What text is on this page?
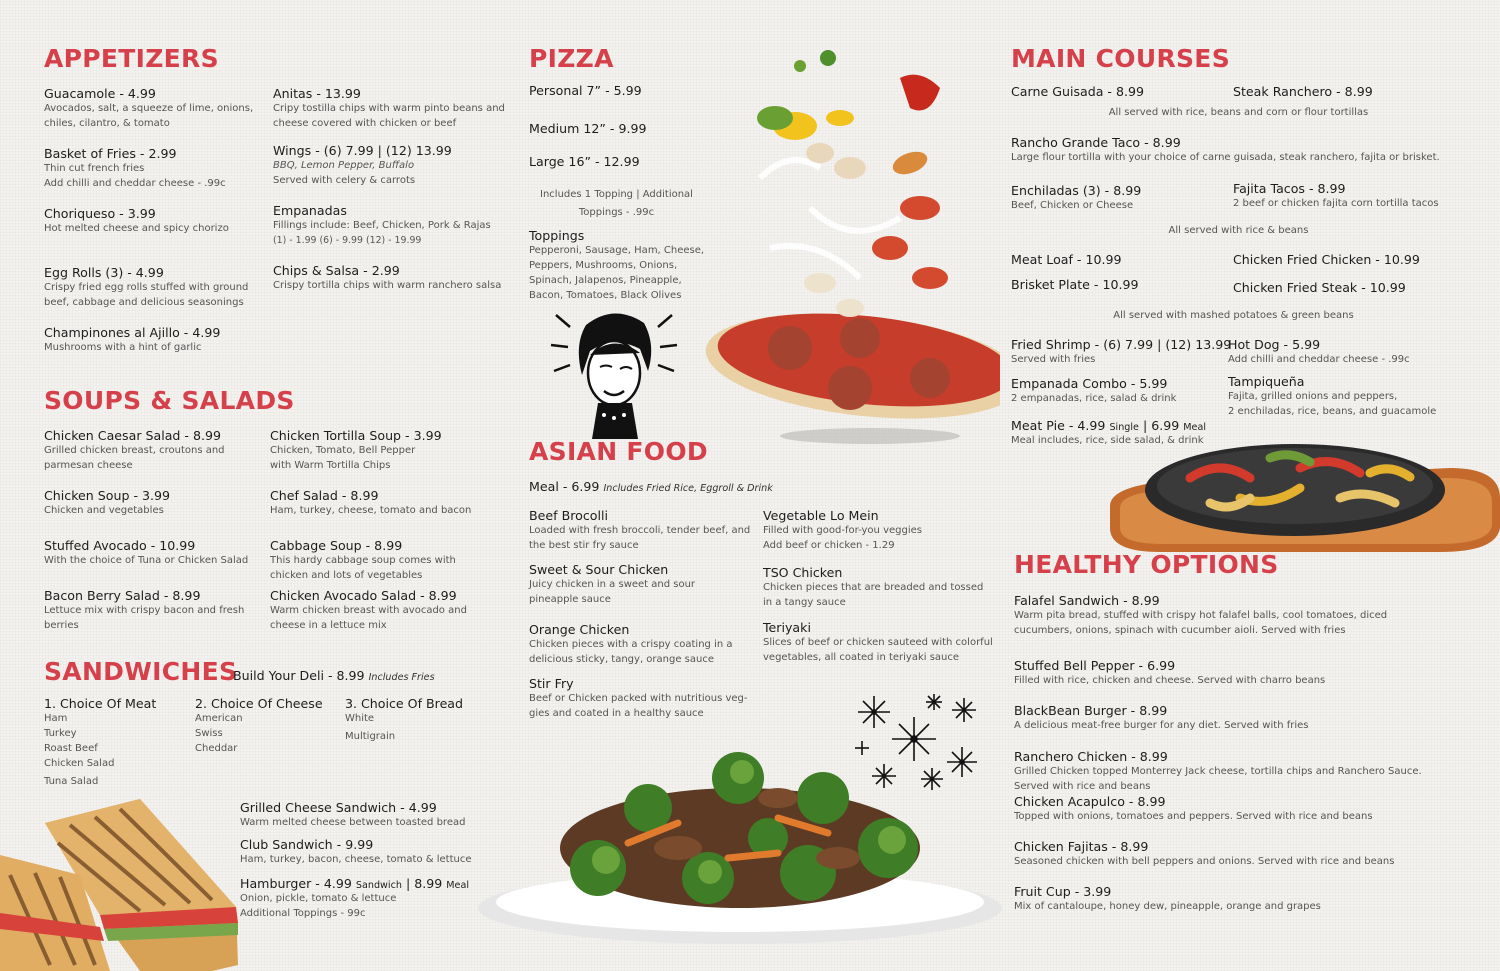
APPETIZERS
Guacamole - 4.99
Avocados, salt, a squeeze of lime, onions, chiles, cilantro, & tomato
Basket of Fries - 2.99
Thin cut french fries
Add chilli and cheddar cheese - .99c
Choriqueso - 3.99
Hot melted cheese and spicy chorizo
Egg Rolls (3) - 4.99
Crispy fried egg rolls stuffed with ground beef, cabbage and delicious seasonings
Champinones al Ajillo - 4.99
Mushrooms with a hint of garlic
Anitas - 13.99
Cripy tostilla chips with warm pinto beans and cheese covered with chicken or beef
Wings - (6) 7.99 | (12) 13.99
BBQ, Lemon Pepper, Buffalo
Served with celery & carrots
Empanadas
Fillings include: Beef, Chicken, Pork & Rajas
(1) - 1.99 (6) - 9.99 (12) - 19.99
Chips & Salsa - 2.99
Crispy tortilla chips with warm ranchero salsa
SOUPS & SALADS
Chicken Caesar Salad - 8.99
Grilled chicken breast, croutons and parmesan cheese
Chicken Soup - 3.99
Chicken and vegetables
Stuffed Avocado - 10.99
With the choice of Tuna or Chicken Salad
Bacon Berry Salad - 8.99
Lettuce mix with crispy bacon and fresh berries
Chicken Tortilla Soup - 3.99
Chicken, Tomato, Bell Pepper
with Warm Tortilla Chips
Chef Salad - 8.99
Ham, turkey, cheese, tomato and bacon
Cabbage Soup - 8.99
This hardy cabbage soup comes with chicken and lots of vegetables
Chicken Avocado Salad - 8.99
Warm chicken breast with avocado and cheese in a lettuce mix
SANDWICHES
Build Your Deli - 8.99 Includes Fries
1. Choice Of Meat
Ham
Turkey
Roast Beef
Chicken Salad
Tuna Salad
2. Choice Of Cheese
American
Swiss
Cheddar
3. Choice Of Bread
White
Multigrain
Grilled Cheese Sandwich - 4.99
Warm melted cheese between toasted bread
Club Sandwich - 9.99
Ham, turkey, bacon, cheese, tomato & lettuce
Hamburger - 4.99 Sandwich | 8.99 Meal
Onion, pickle, tomato & lettuce
Additional Toppings - 99c
PIZZA
Personal 7” - 5.99
Medium 12” - 9.99
Large 16” - 12.99
Includes 1 Topping | Additional
Toppings - .99c
Toppings
Pepperoni, Sausage, Ham, Cheese, Peppers, Mushrooms, Onions, Spinach, Jalapenos, Pineapple, Bacon, Tomatoes, Black Olives
ASIAN FOOD
Meal - 6.99 Includes Fried Rice, Eggroll & Drink
Beef Brocolli
Loaded with fresh broccoli, tender beef, and the best stir fry sauce
Sweet & Sour Chicken
Juicy chicken in a sweet and sour pineapple sauce
Orange Chicken
Chicken pieces with a crispy coating in a delicious sticky, tangy, orange sauce
Stir Fry
Beef or Chicken packed with nutritious veg- gies and coated in a healthy sauce
Vegetable Lo Mein
Filled with good-for-you veggies
Add beef or chicken - 1.29
TSO Chicken
Chicken pieces that are breaded and tossed in a tangy sauce
Teriyaki
Slices of beef or chicken sauteed with colorful vegetables, all coated in teriyaki sauce
MAIN COURSES
Carne Guisada - 8.99	Steak Ranchero - 8.99
All served with rice, beans and corn or flour tortillas
Rancho Grande Taco - 8.99
Large flour tortilla with your choice of carne guisada, steak ranchero, fajita or brisket.
Enchiladas (3) - 8.99
Beef, Chicken or Cheese
Fajita Tacos - 8.99
2 beef or chicken fajita corn tortilla tacos
All served with rice & beans
Meat Loaf - 10.99	Chicken Fried Chicken - 10.99
Brisket Plate - 10.99	Chicken Fried Steak - 10.99
All served with mashed potatoes & green beans
Fried Shrimp - (6) 7.99 | (12) 13.99
Served with fries
Hot Dog - 5.99
Add chilli and cheddar cheese - .99c
Empanada Combo - 5.99
2 empanadas, rice, salad & drink
Tampiqueña
Fajita, grilled onions and peppers,
2 enchiladas, rice, beans, and guacamole
Meat Pie - 4.99 Single | 6.99 Meal
Meal includes, rice, side salad, & drink
HEALTHY OPTIONS
Falafel Sandwich - 8.99
Warm pita bread, stuffed with crispy hot falafel balls, cool tomatoes, diced cucumbers, onions, spinach with cucumber aioli. Served with fries
Stuffed Bell Pepper - 6.99
Filled with rice, chicken and cheese. Served with charro beans
BlackBean Burger - 8.99
A delicious meat-free burger for any diet. Served with fries
Ranchero Chicken - 8.99
Grilled Chicken topped Monterrey Jack cheese, tortilla chips and Ranchero Sauce.
Served with rice and beans
Chicken Acapulco - 8.99
Topped with onions, tomatoes and peppers. Served with rice and beans
Chicken Fajitas - 8.99
Seasoned chicken with bell peppers and onions. Served with rice and beans
Fruit Cup - 3.99
Mix of cantaloupe, honey dew, pineapple, orange and grapes
